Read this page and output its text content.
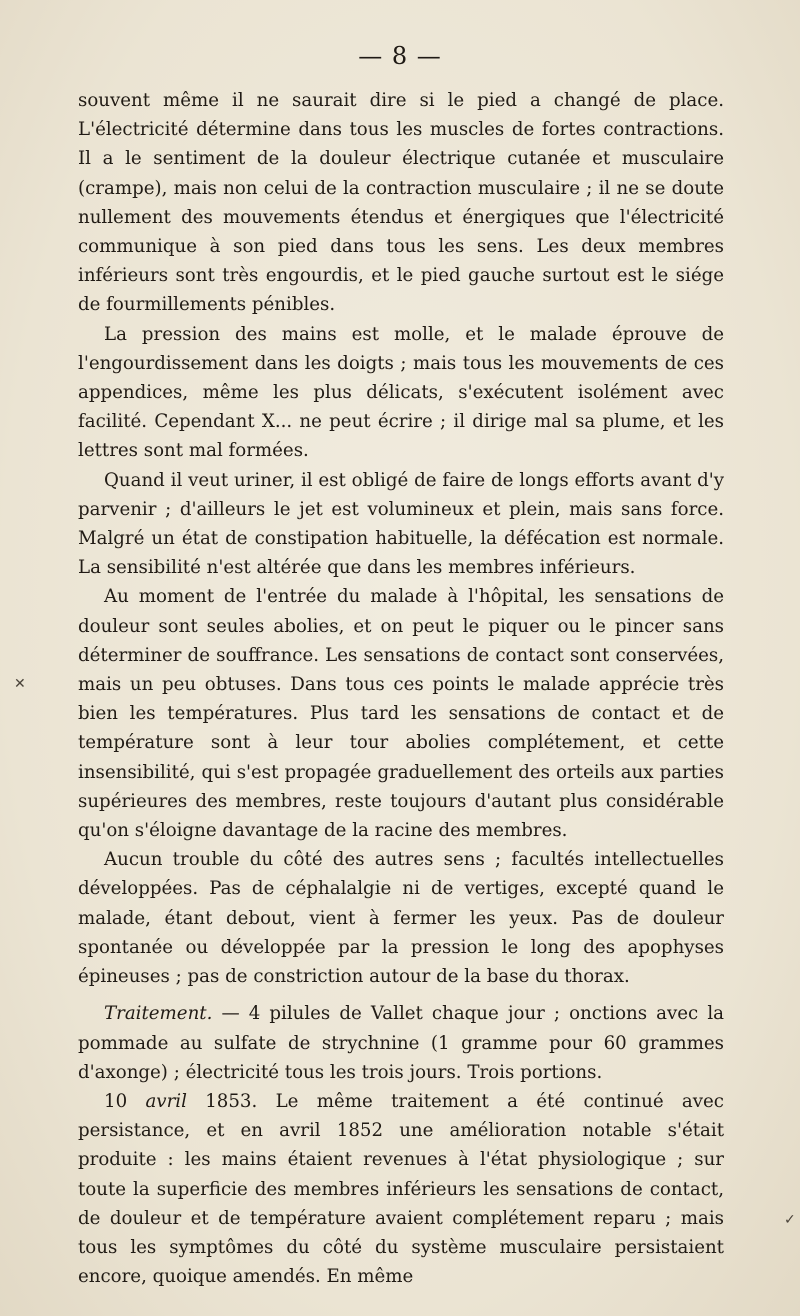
— 8 —

souvent même il ne saurait dire si le pied a changé de place. L'électricité détermine dans tous les muscles de fortes contractions. Il a le sentiment de la douleur électrique cutanée et musculaire (crampe), mais non celui de la contraction musculaire ; il ne se doute nullement des mouvements étendus et énergiques que l'électricité communique à son pied dans tous les sens. Les deux membres inférieurs sont très engourdis, et le pied gauche surtout est le siége de fourmillements pénibles.

La pression des mains est molle, et le malade éprouve de l'engourdissement dans les doigts ; mais tous les mouvements de ces appendices, même les plus délicats, s'exécutent isolément avec facilité. Cependant X... ne peut écrire ; il dirige mal sa plume, et les lettres sont mal formées.

Quand il veut uriner, il est obligé de faire de longs efforts avant d'y parvenir ; d'ailleurs le jet est volumineux et plein, mais sans force. Malgré un état de constipation habituelle, la défécation est normale. La sensibilité n'est altérée que dans les membres inférieurs.

Au moment de l'entrée du malade à l'hôpital, les sensations de douleur sont seules abolies, et on peut le piquer ou le pincer sans déterminer de souffrance. Les sensations de contact sont conservées, mais un peu obtuses. Dans tous ces points le malade apprécie très bien les températures. Plus tard les sensations de contact et de température sont à leur tour abolies complétement, et cette insensibilité, qui s'est propagée graduellement des orteils aux parties supérieures des membres, reste toujours d'autant plus considérable qu'on s'éloigne davantage de la racine des membres.

Aucun trouble du côté des autres sens ; facultés intellectuelles développées. Pas de céphalalgie ni de vertiges, excepté quand le malade, étant debout, vient à fermer les yeux. Pas de douleur spontanée ou développée par la pression le long des apophyses épineuses ; pas de constriction autour de la base du thorax.

Traitement. — 4 pilules de Vallet chaque jour ; onctions avec la pommade au sulfate de strychnine (1 gramme pour 60 grammes d'axonge) ; électricité tous les trois jours. Trois portions.

10 avril 1853. Le même traitement a été continué avec persistance, et en avril 1852 une amélioration notable s'était produite : les mains étaient revenues à l'état physiologique ; sur toute la superficie des membres inférieurs les sensations de contact, de douleur et de température avaient complétement reparu ; mais tous les symptômes du côté du système musculaire persistaient encore, quoique amendés. En même

✕
✓
